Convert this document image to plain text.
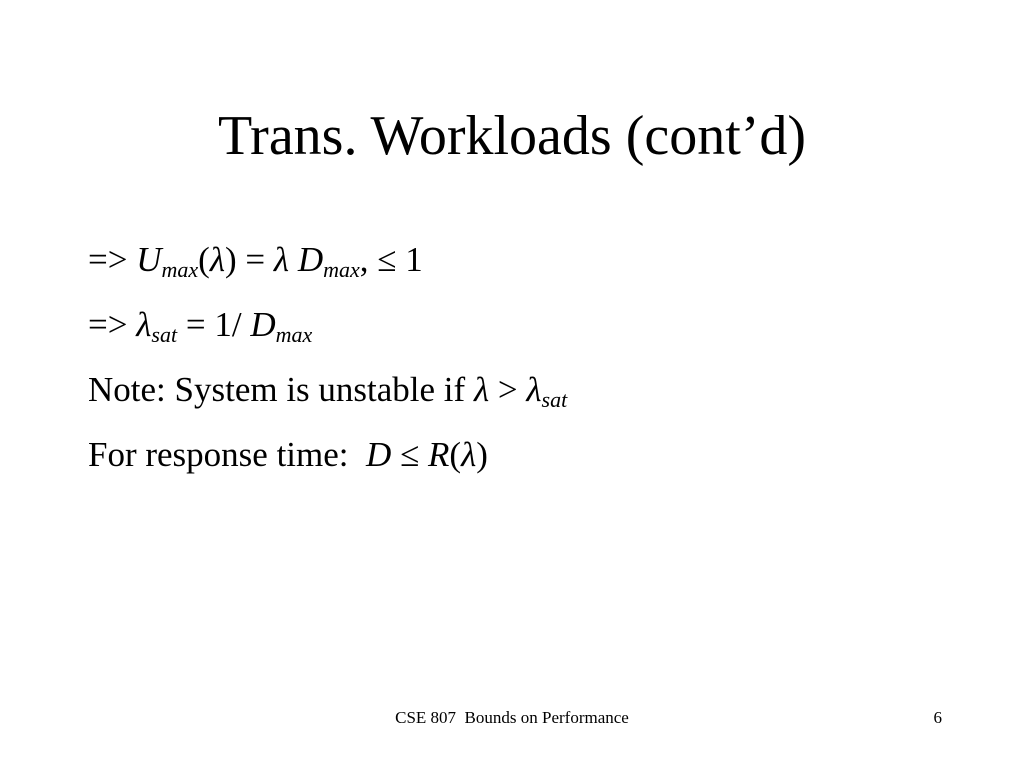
Trans. Workloads (cont’d)
=> $U_{max}(\lambda) = \lambda$ $D_{max}$, ≤ 1
=> $\lambda_{sat} = 1/$ $D_{max}$
Note: System is unstable if $\lambda > \lambda_{sat}$
For response time: D ≤ R(λ)
CSE 807  Bounds on Performance	6
